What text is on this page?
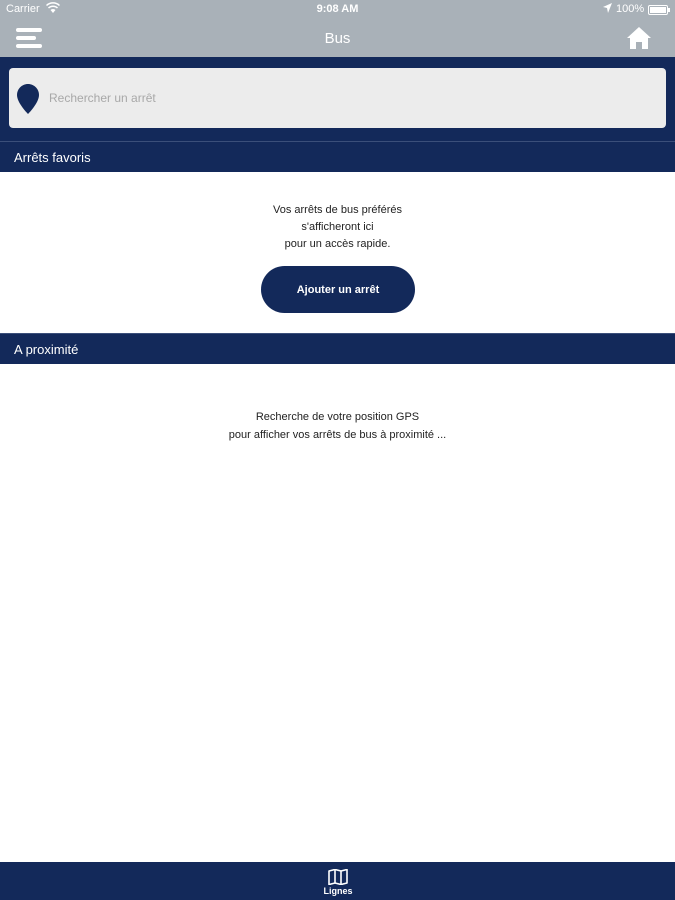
Carrier	9:08 AM	100%
Bus
Rechercher un arrêt
Arrêts favoris
Vos arrêts de bus préférés
s'afficheront ici
pour un accès rapide.
Ajouter un arrêt
A proximité
Recherche de votre position GPS
pour afficher vos arrêts de bus à proximité ...
Lignes
